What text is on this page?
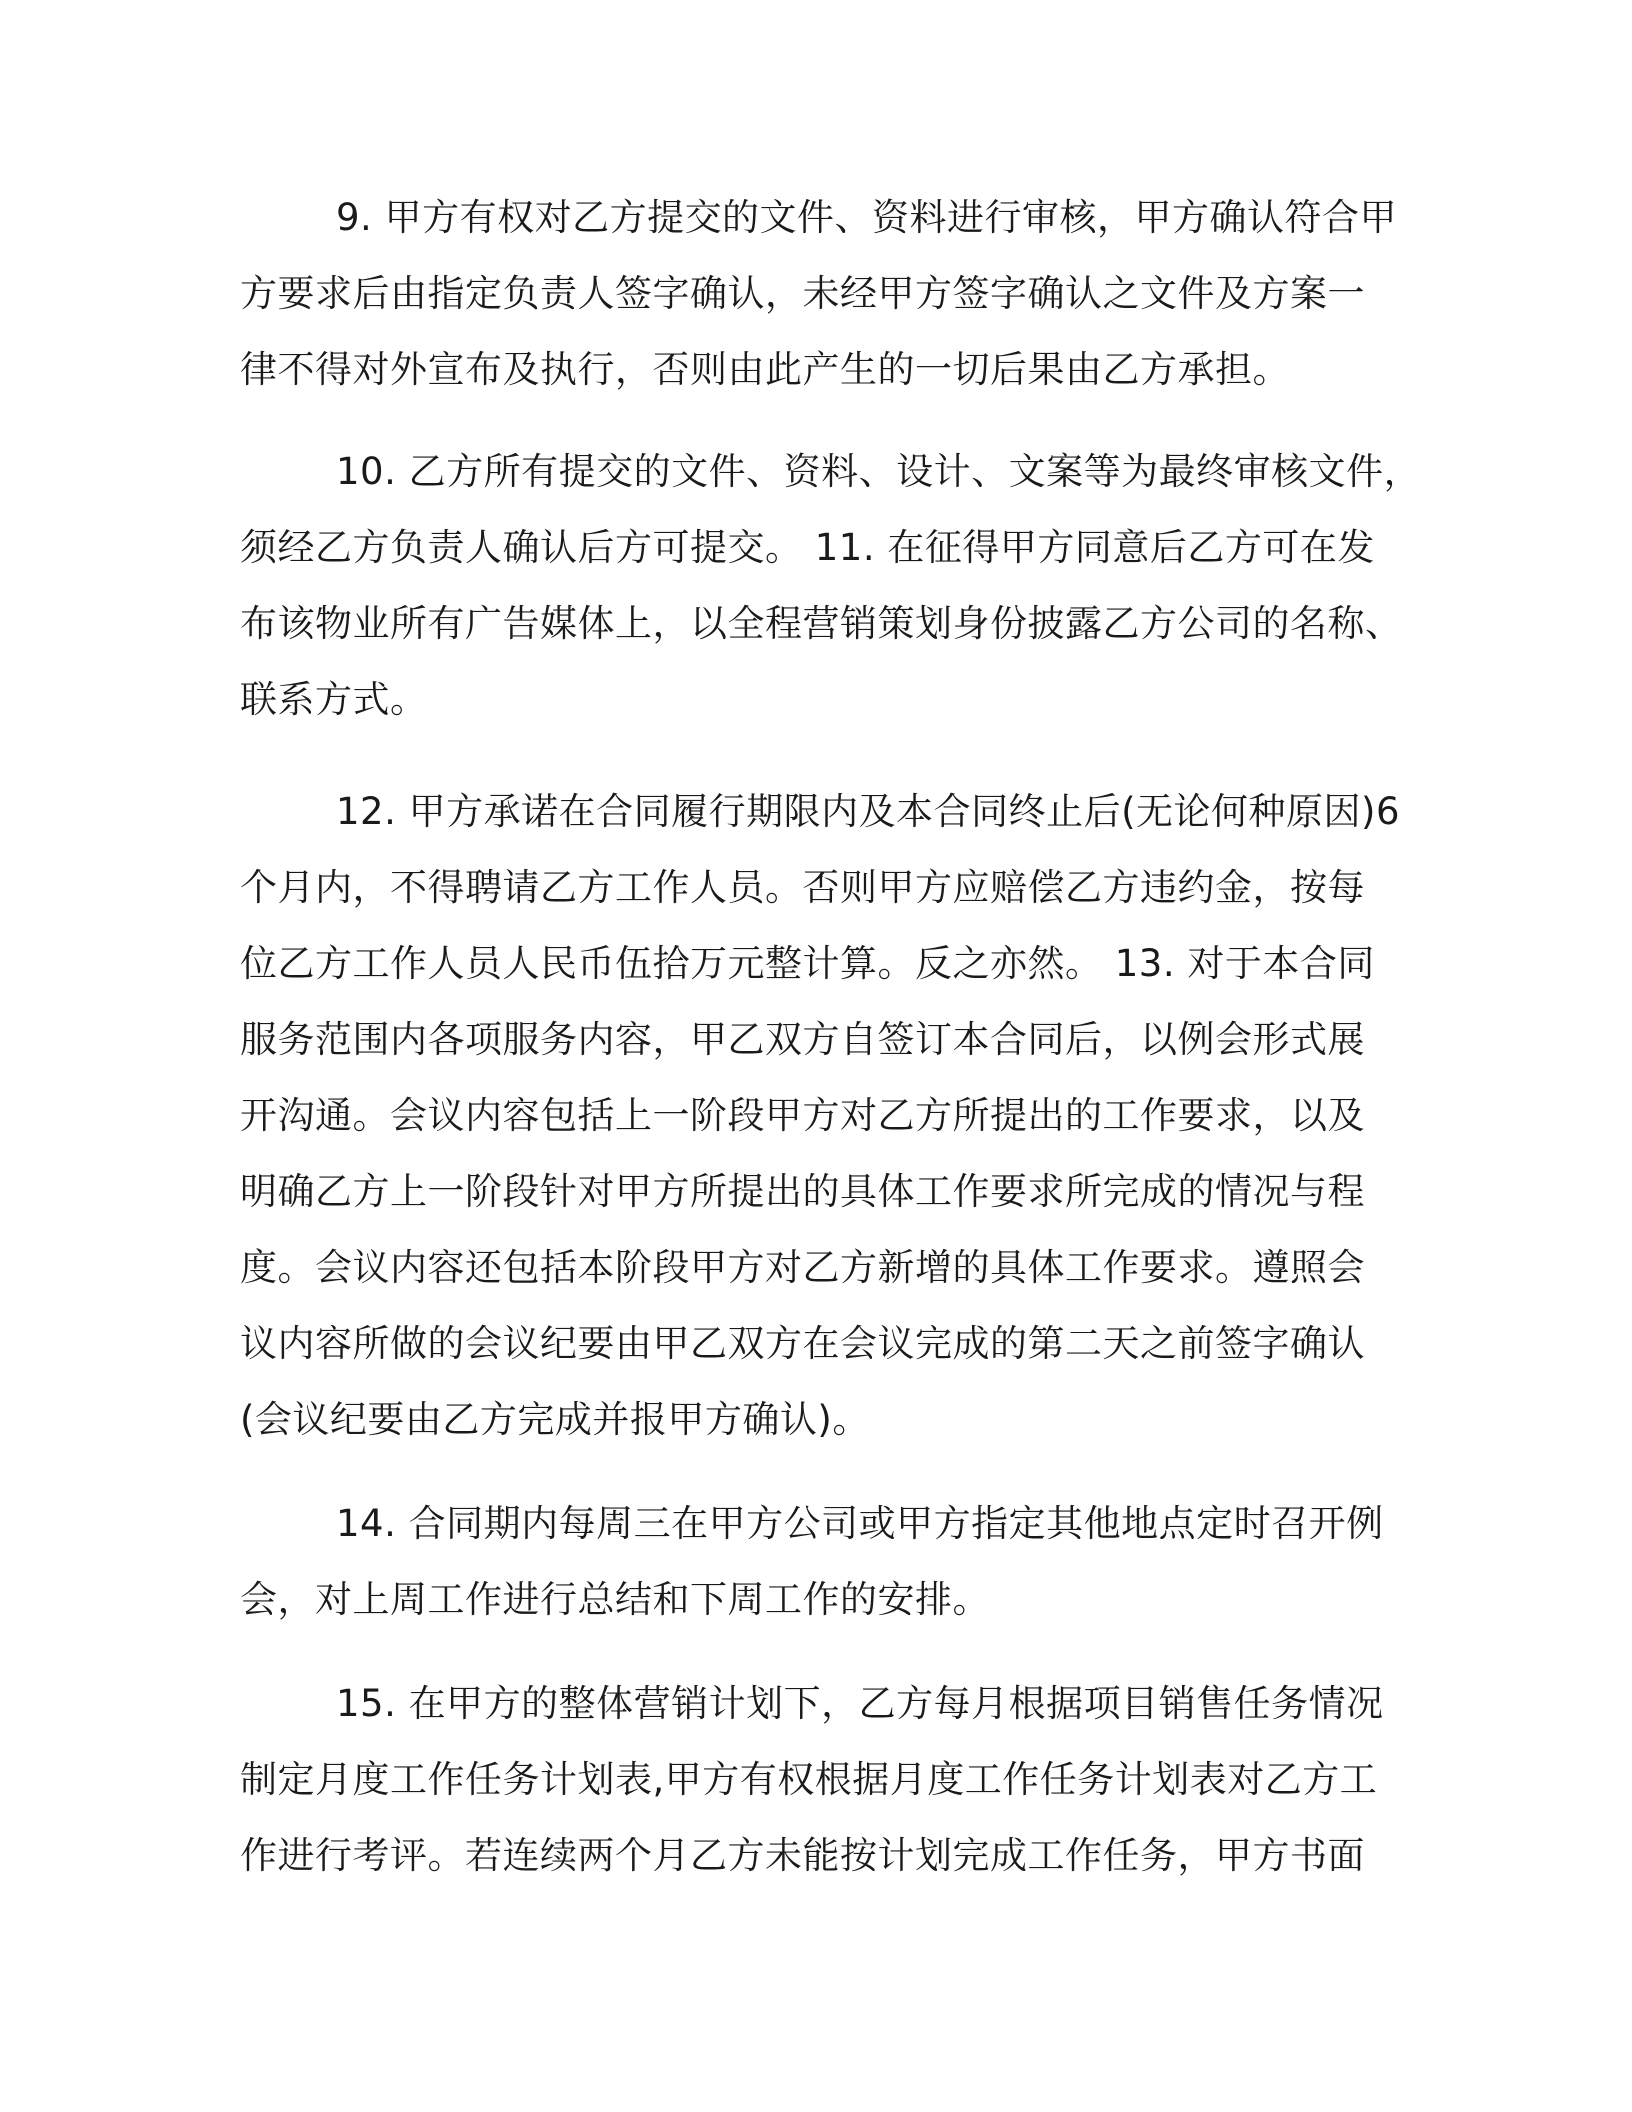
9. 甲方有权对乙方提交的文件、资料进行审核，甲方确认符合甲
方要求后由指定负责人签字确认，未经甲方签字确认之文件及方案一
律不得对外宣布及执行，否则由此产生的一切后果由乙方承担。
10. 乙方所有提交的文件、资料、设计、文案等为最终审核文件，
须经乙方负责人确认后方可提交。 11. 在征得甲方同意后乙方可在发
布该物业所有广告媒体上，以全程营销策划身份披露乙方公司的名称、
联系方式。
12. 甲方承诺在合同履行期限内及本合同终止后(无论何种原因)6
个月内，不得聘请乙方工作人员。否则甲方应赔偿乙方违约金，按每
位乙方工作人员人民币伍拾万元整计算。反之亦然。 13. 对于本合同
服务范围内各项服务内容，甲乙双方自签订本合同后，以例会形式展
开沟通。会议内容包括上一阶段甲方对乙方所提出的工作要求，以及
明确乙方上一阶段针对甲方所提出的具体工作要求所完成的情况与程
度。会议内容还包括本阶段甲方对乙方新增的具体工作要求。遵照会
议内容所做的会议纪要由甲乙双方在会议完成的第二天之前签字确认
(会议纪要由乙方完成并报甲方确认)。
14. 合同期内每周三在甲方公司或甲方指定其他地点定时召开例
会，对上周工作进行总结和下周工作的安排。
15. 在甲方的整体营销计划下，乙方每月根据项目销售任务情况
制定月度工作任务计划表,甲方有权根据月度工作任务计划表对乙方工
作进行考评。若连续两个月乙方未能按计划完成工作任务，甲方书面
